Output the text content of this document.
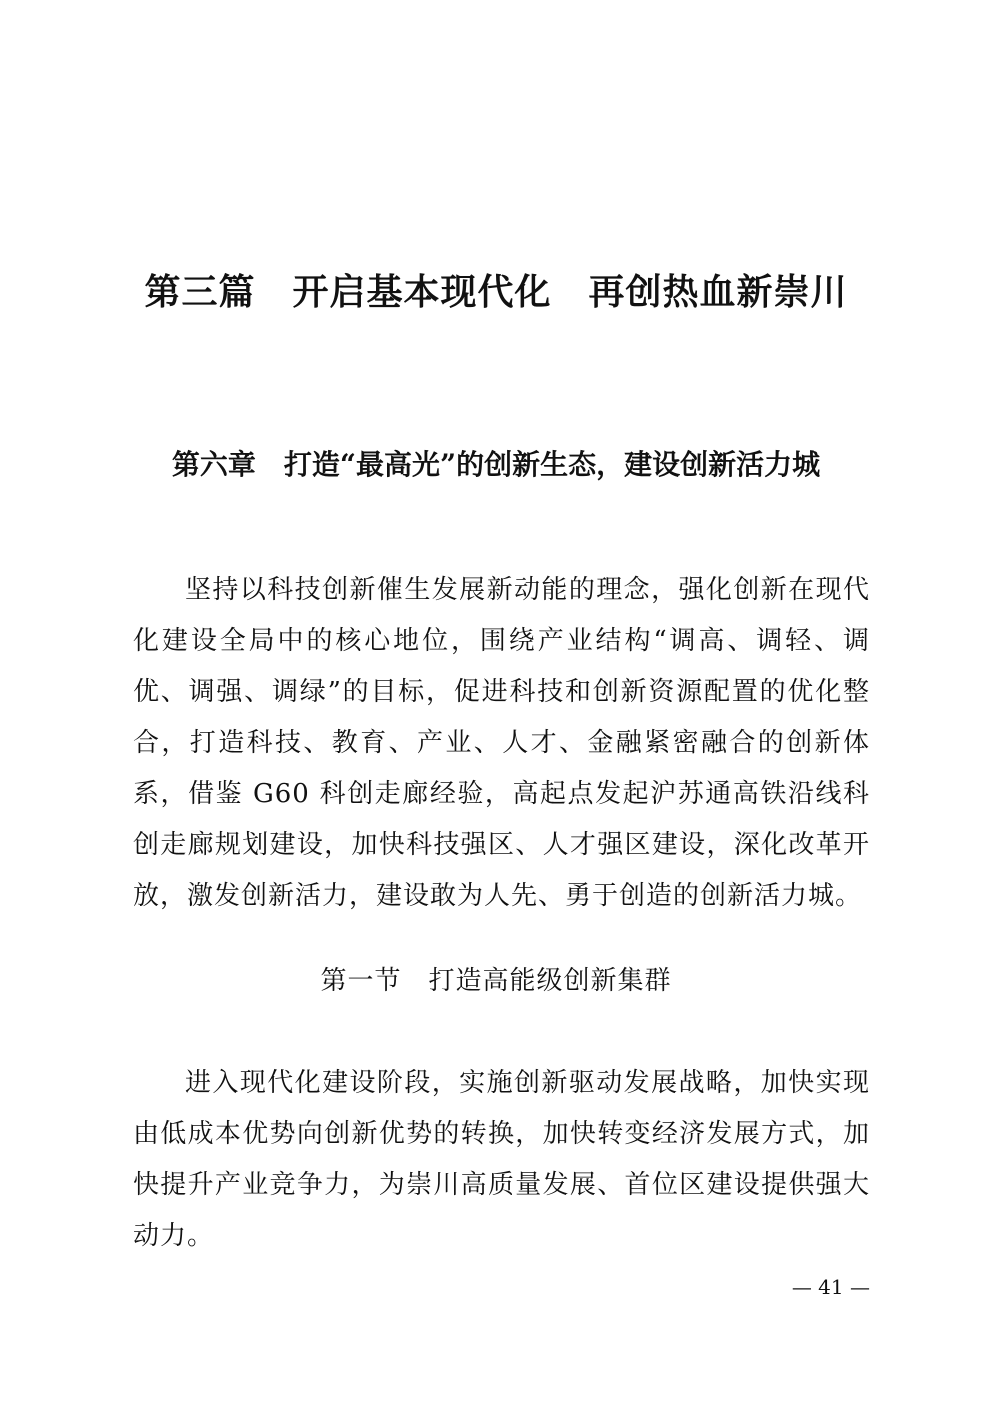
第三篇　开启基本现代化　再创热血新崇川
第六章　打造“最高光”的创新生态，建设创新活力城

坚持以科技创新催生发展新动能的理念，强化创新在现代化建设全局中的核心地位，围绕产业结构“调高、调轻、调优、调强、调绿”的目标，促进科技和创新资源配置的优化整合，打造科技、教育、产业、人才、金融紧密融合的创新体系，借鉴 G60 科创走廊经验，高起点发起沪苏通高铁沿线科创走廊规划建设，加快科技强区、人才强区建设，深化改革开放，激发创新活力，建设敢为人先、勇于创造的创新活力城。

第一节　打造高能级创新集群

进入现代化建设阶段，实施创新驱动发展战略，加快实现由低成本优势向创新优势的转换，加快转变经济发展方式，加快提升产业竞争力，为崇川高质量发展、首位区建设提供强大动力。

— 41 —
